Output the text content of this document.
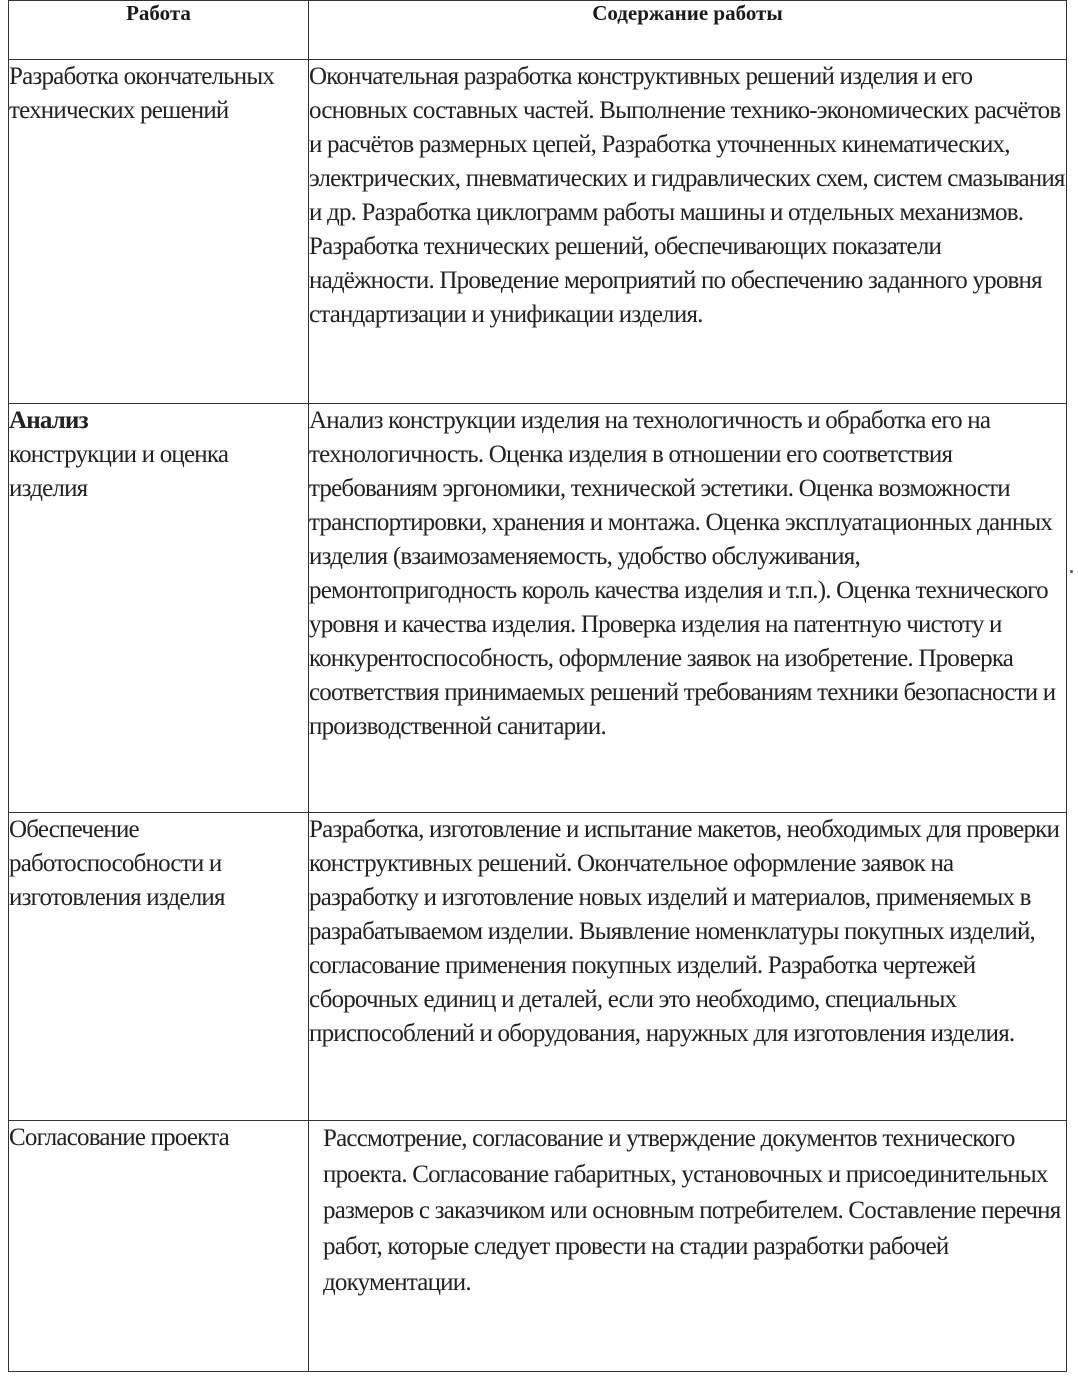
Работа	Содержание работы
Разработка окончательных технических решений	Окончательная разработка конструктивных решений изделия и его основных составных частей. Выполнение технико-экономических расчётов и расчётов размерных цепей, Разработка уточненных кинематических, электрических, пневматических и гидравлических схем, систем смазывания и др. Разработка циклограмм работы машины и отдельных механизмов. Разработка технических решений, обеспечивающих показатели надёжности. Проведение мероприятий по обеспечению заданного уровня стандартизации и унификации изделия.

Анализ
конструкции и оценка изделия	Анализ конструкции изделия на технологичность и обработка его на технологичность. Оценка изделия в отношении его соответствия требованиям эргономики, технической эстетики. Оценка возможности транспортировки, хранения и монтажа. Оценка эксплуатационных данных изделия (взаимозаменяемость, удобство обслуживания, ремонтопригодность король качества изделия и т.п.). Оценка технического уровня и качества изделия. Проверка изделия на патентную чистоту и конкурентоспособность, оформление заявок на изобретение. Проверка соответствия принимаемых решений требованиям техники безопасности и производственной санитарии.
Обеспечение работоспособности и изготовления изделия	Разработка, изготовление и испытание макетов, необходимых для проверки конструктивных решений. Окончательное оформление заявок на разработку и изготовление новых изделий и материалов, применяемых в разрабатываемом изделии. Выявление номенклатуры покупных изделий, согласование применения покупных изделий. Разработка чертежей сборочных единиц и деталей, если это необходимо, специальных приспособлений и оборудования, наружных для изготовления изделия.
Согласование проекта	Рассмотрение, согласование и утверждение документов технического проекта. Согласование габаритных, установочных и присоединительных размеров с заказчиком или основным потребителем. Составление перечня работ, которые следует провести на стадии разработки рабочей документации.
